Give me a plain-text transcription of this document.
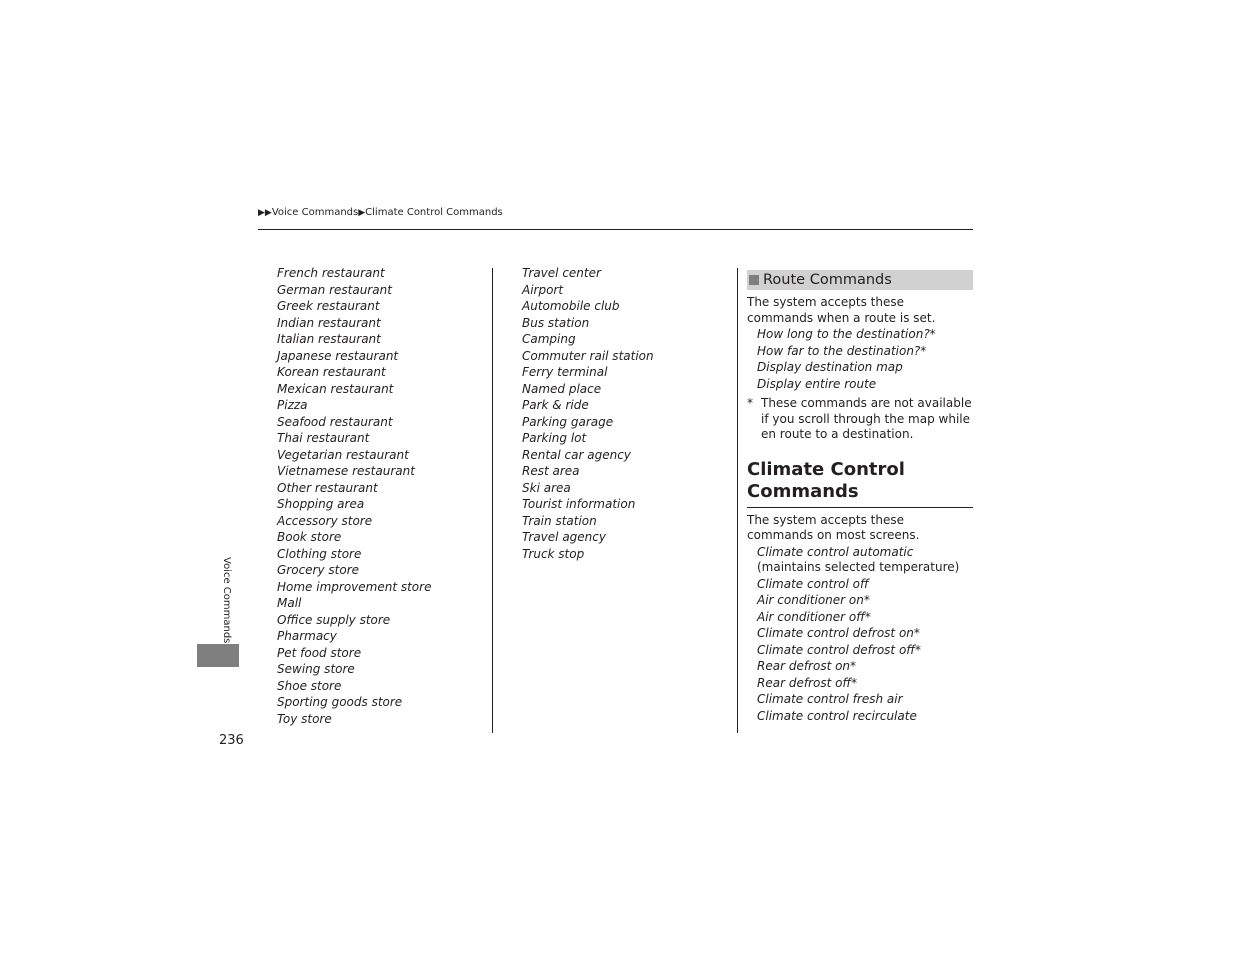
▶▶Voice Commands▶Climate Control Commands
French restaurant
German restaurant
Greek restaurant
Indian restaurant
Italian restaurant
Japanese restaurant
Korean restaurant
Mexican restaurant
Pizza
Seafood restaurant
Thai restaurant
Vegetarian restaurant
Vietnamese restaurant
Other restaurant
Shopping area
Accessory store
Book store
Clothing store
Grocery store
Home improvement store
Mall
Office supply store
Pharmacy
Pet food store
Sewing store
Shoe store
Sporting goods store
Toy store
Travel center
Airport
Automobile club
Bus station
Camping
Commuter rail station
Ferry terminal
Named place
Park & ride
Parking garage
Parking lot
Rental car agency
Rest area
Ski area
Tourist information
Train station
Travel agency
Truck stop
Route Commands
The system accepts these commands when a route is set.
How long to the destination?*
How far to the destination?*
Display destination map
Display entire route
* These commands are not available if you scroll through the map while en route to a destination.
Climate Control
Commands
The system accepts these commands on most screens.
Climate control automatic (maintains selected temperature)
Climate control off
Air conditioner on*
Air conditioner off*
Climate control defrost on*
Climate control defrost off*
Rear defrost on*
Rear defrost off*
Climate control fresh air
Climate control recirculate
Voice Commands
236
